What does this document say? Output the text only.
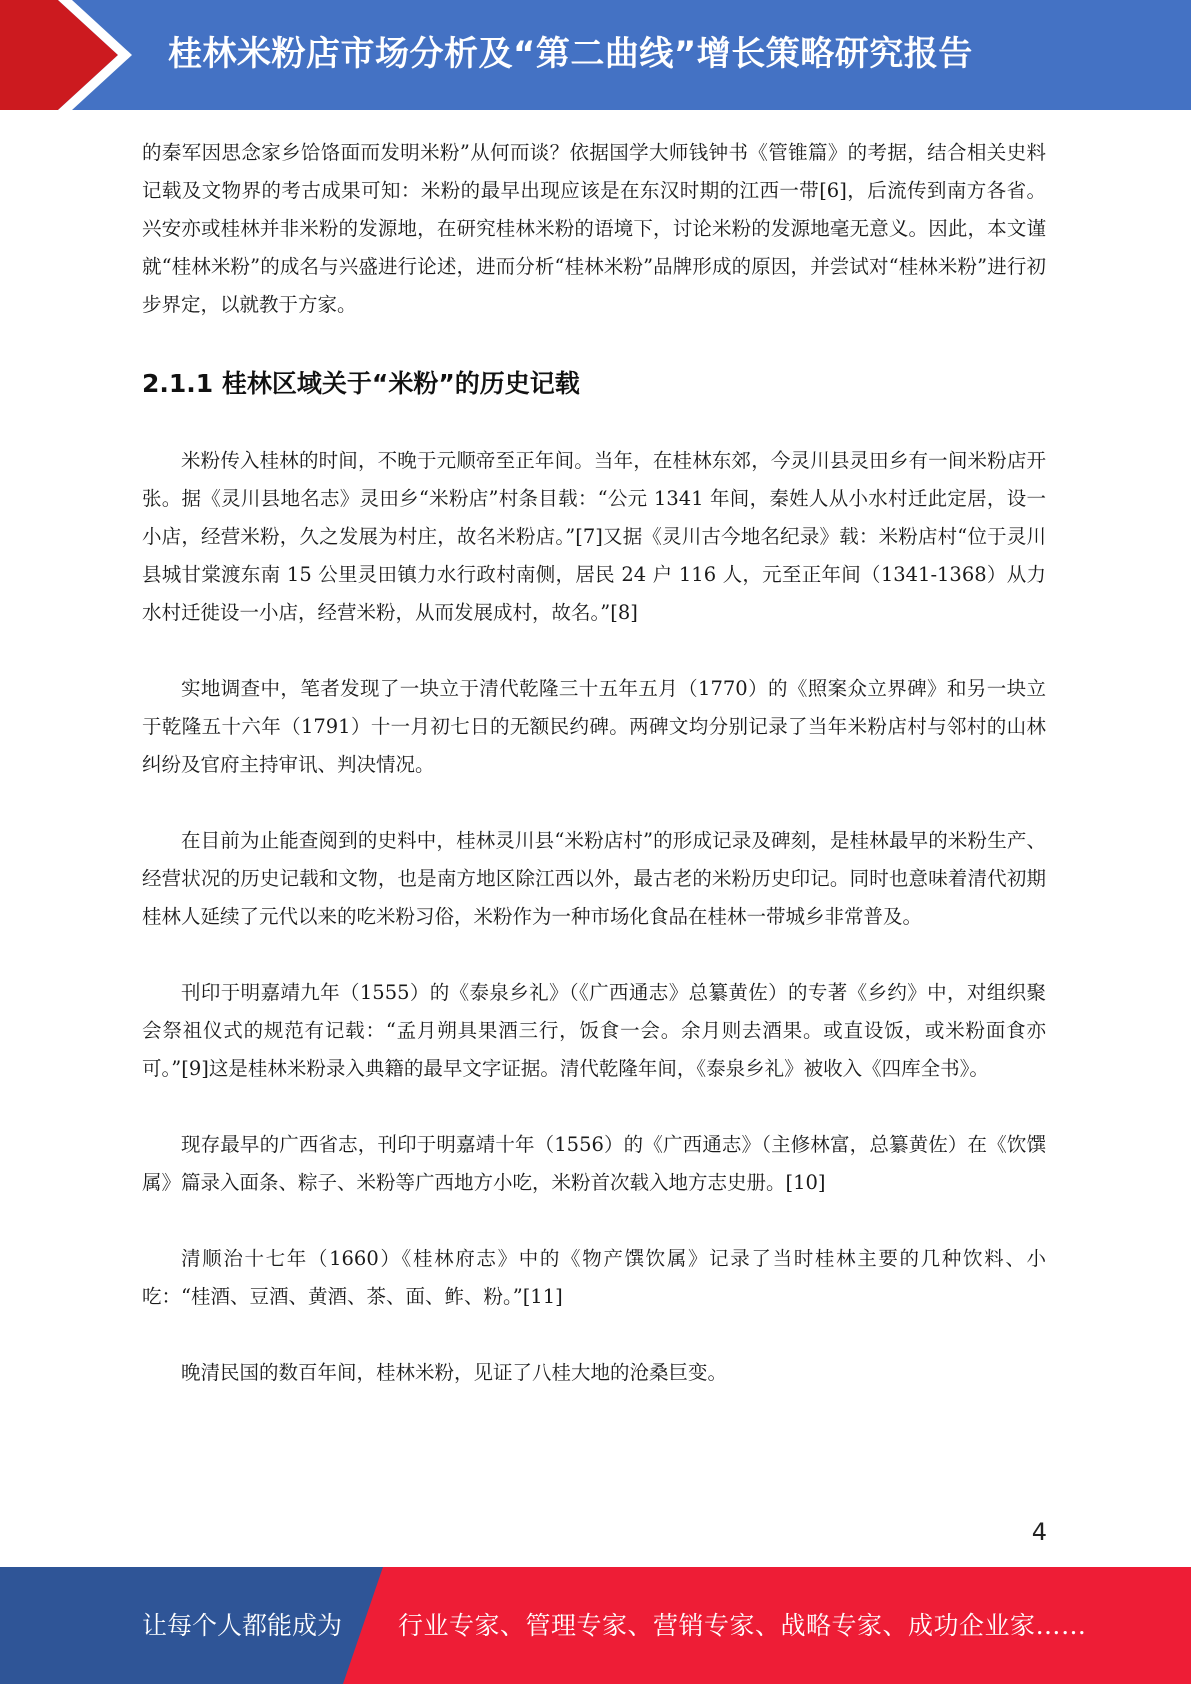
桂林米粉店市场分析及“第二曲线”增长策略研究报告

的秦军因思念家乡饸饹面而发明米粉”从何而谈？依据国学大师钱钟书《管锥篇》的考据，结合相关史料记载及文物界的考古成果可知：米粉的最早出现应该是在东汉时期的江西一带[6]，后流传到南方各省。兴安亦或桂林并非米粉的发源地，在研究桂林米粉的语境下，讨论米粉的发源地毫无意义。因此，本文谨就“桂林米粉”的成名与兴盛进行论述，进而分析“桂林米粉”品牌形成的原因，并尝试对“桂林米粉”进行初步界定，以就教于方家。

2.1.1 桂林区域关于“米粉”的历史记载

米粉传入桂林的时间，不晚于元顺帝至正年间。当年，在桂林东郊，今灵川县灵田乡有一间米粉店开张。据《灵川县地名志》灵田乡“米粉店”村条目载：“公元 1341 年间，秦姓人从小水村迁此定居，设一小店，经营米粉，久之发展为村庄，故名米粉店。”[7]又据《灵川古今地名纪录》载：米粉店村“位于灵川县城甘棠渡东南 15 公里灵田镇力水行政村南侧，居民 24 户 116 人，元至正年间（1341-1368）从力水村迁徙设一小店，经营米粉，从而发展成村，故名。”[8]

实地调查中，笔者发现了一块立于清代乾隆三十五年五月（1770）的《照案众立界碑》和另一块立于乾隆五十六年（1791）十一月初七日的无额民约碑。两碑文均分别记录了当年米粉店村与邻村的山林纠纷及官府主持审讯、判决情况。

在目前为止能查阅到的史料中，桂林灵川县“米粉店村”的形成记录及碑刻，是桂林最早的米粉生产、经营状况的历史记载和文物，也是南方地区除江西以外，最古老的米粉历史印记。同时也意味着清代初期桂林人延续了元代以来的吃米粉习俗，米粉作为一种市场化食品在桂林一带城乡非常普及。

刊印于明嘉靖九年（1555）的《泰泉乡礼》（《广西通志》总纂黄佐）的专著《乡约》中，对组织聚会祭祖仪式的规范有记载：“孟月朔具果酒三行，饭食一会。余月则去酒果。或直设饭，或米粉面食亦可。”[9]这是桂林米粉录入典籍的最早文字证据。清代乾隆年间，《泰泉乡礼》被收入《四库全书》。

现存最早的广西省志，刊印于明嘉靖十年（1556）的《广西通志》（主修林富，总纂黄佐）在《饮馔属》篇录入面条、粽子、米粉等广西地方小吃，米粉首次载入地方志史册。[10]

清顺治十七年（1660）《桂林府志》中的《物产馔饮属》记录了当时桂林主要的几种饮料、小吃：“桂酒、豆酒、黄酒、茶、面、鲊、粉。”[11]

晚清民国的数百年间，桂林米粉，见证了八桂大地的沧桑巨变。

4
让每个人都能成为 行业专家、管理专家、营销专家、战略专家、成功企业家……
